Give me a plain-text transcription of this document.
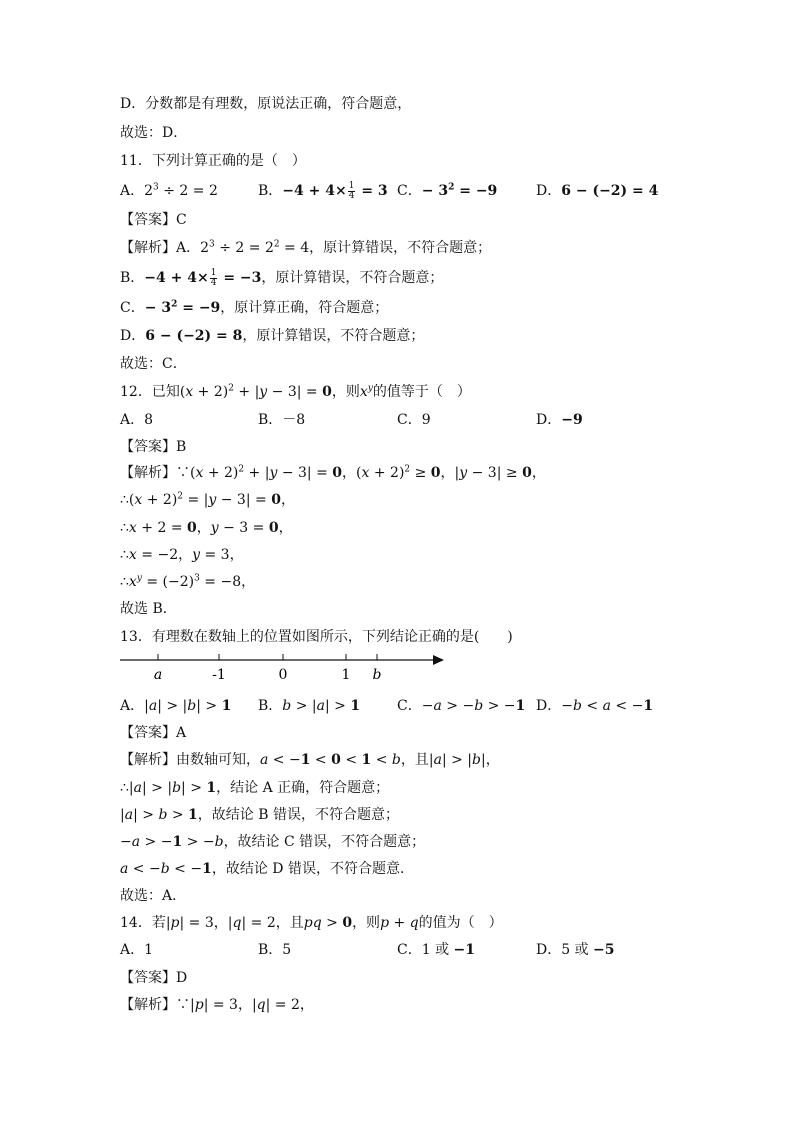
D．分数都是有理数，原说法正确，符合题意，
故选：D．
11．下列计算正确的是（　）
A．$2^3 \div 2 = 2$	B．$-4 + 4\times \frac{1}{4} = 3$ C．− $3^2 = -9$	D．6 − (−2) = 4
【答案】C
【解析】A．$2^3 \div 2 = 2^2 = 4$，原计算错误，不符合题意；
B．$-4 + 4\times \frac{1}{4} = -3$，原计算错误，不符合题意；
C．− $3^2 = -9$，原计算正确，符合题意；
D．6 − (−2) = 8，原计算错误，不符合题意；
故选：C．
12．已知$(x + 2)^2 + |y - 3| = 0$，则$x^y$的值等于（　）
A．8	B．－8	C．9	D．−9
【答案】B
【解析】∵(x + 2)$^2$ + |y − 3| = 0，$(x + 2)^2 \ge 0$，|y − 3| ≥ 0，
∴(x + 2)$^2$ = |y − 3| = 0，
∴x + 2 = 0，y − 3 = 0，
∴x = −2，y = 3，
$\therefore x^y = (-2)^3 = -8$，
故选 B．
13．有理数在数轴上的位置如图所示，下列结论正确的是(　　)
a	-1	0	1 b
A．|a| > |b| > 1 B．b > |a| > 1	C．−a > −b > −1 D．−b < a < −1
【答案】A
【解析】由数轴可知，a < −1 < 0 < 1 < b，且|a| > |b|，
∴|a| > |b| > 1，结论 A 正确，符合题意；
|a| > b > 1，故结论 B 错误，不符合题意；
−a > −1 > −b，故结论 C 错误，不符合题意；
a < −b < −1，故结论 D 错误，不符合题意．
故选：A．
14．若|p| = 3，|q| = 2，且pq > 0，则p + q的值为（　）
A．1	B．5	C．1 或 −1	D．5 或 −5
【答案】D
【解析】∵|p| = 3，|q| = 2，
